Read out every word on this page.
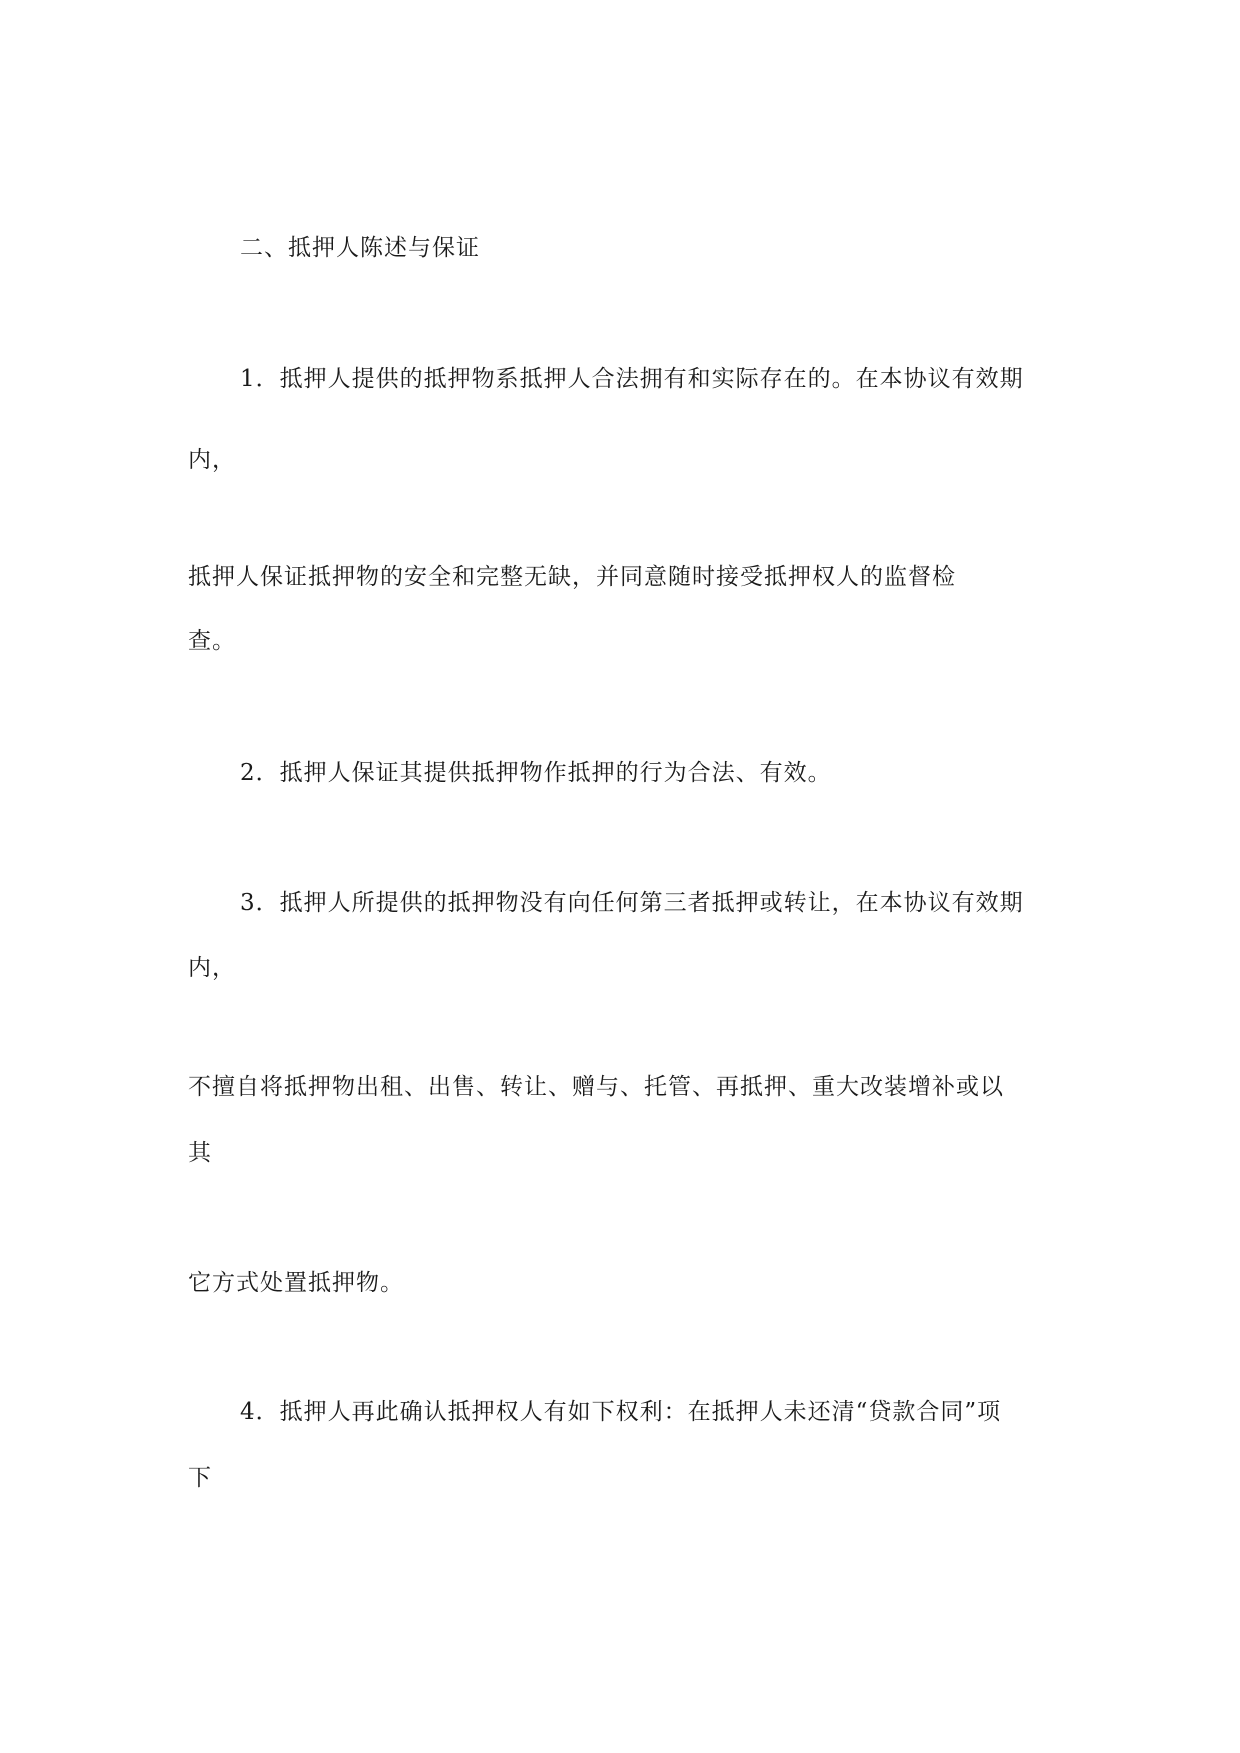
二、抵押人陈述与保证

1．抵押人提供的抵押物系抵押人合法拥有和实际存在的。在本协议有效期

内，

抵押人保证抵押物的安全和完整无缺，并同意随时接受抵押权人的监督检

查。

2．抵押人保证其提供抵押物作抵押的行为合法、有效。

3．抵押人所提供的抵押物没有向任何第三者抵押或转让，在本协议有效期

内，

不擅自将抵押物出租、出售、转让、赠与、托管、再抵押、重大改装增补或以

其

它方式处置抵押物。

4．抵押人再此确认抵押权人有如下权利：在抵押人未还清“贷款合同”项

下
